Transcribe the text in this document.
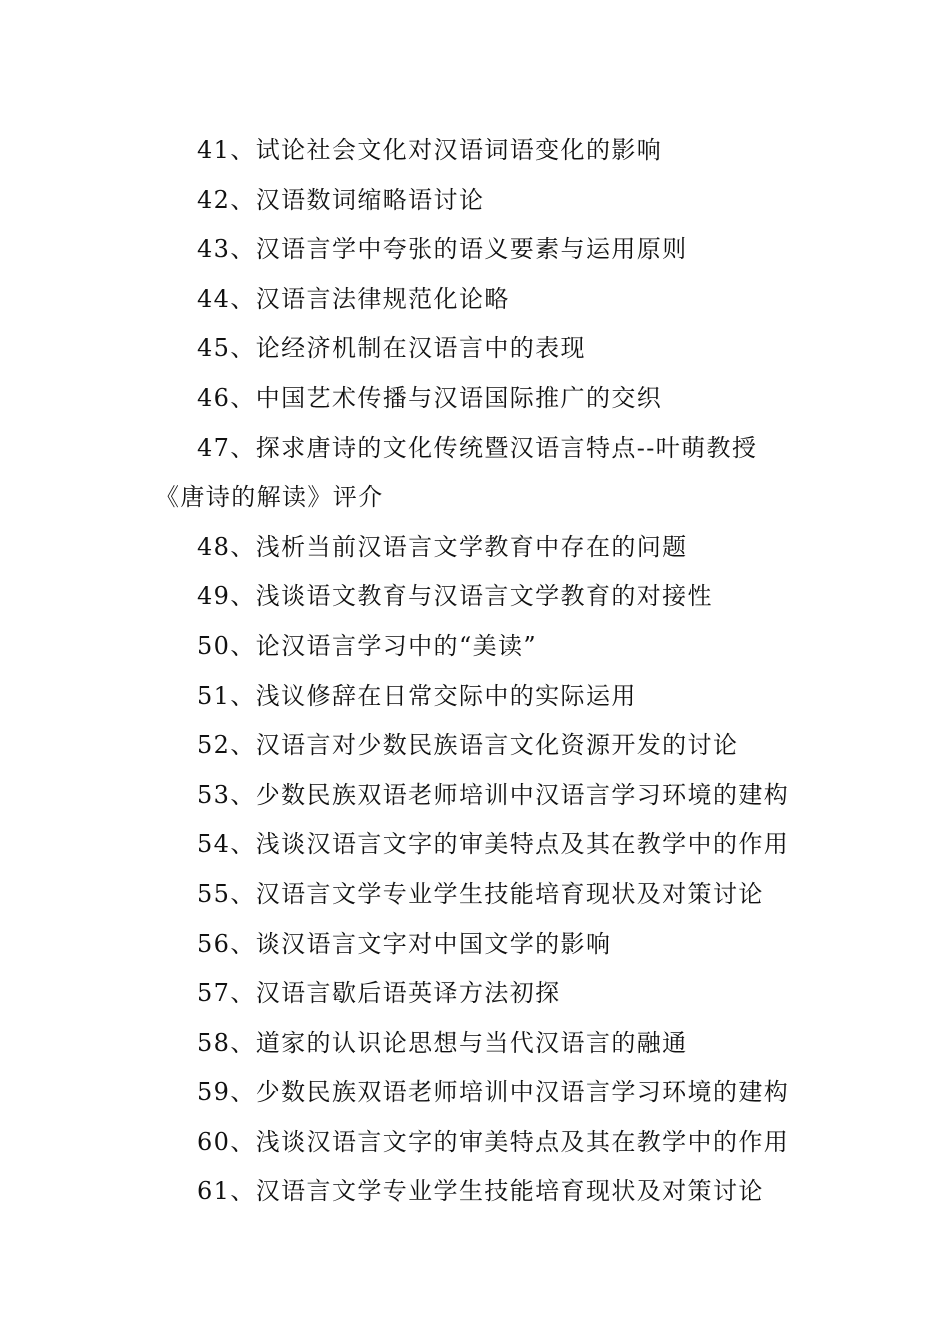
41、试论社会文化对汉语词语变化的影响

42、汉语数词缩略语讨论

43、汉语言学中夸张的语义要素与运用原则

44、汉语言法律规范化论略

45、论经济机制在汉语言中的表现

46、中国艺术传播与汉语国际推广的交织

47、探求唐诗的文化传统暨汉语言特点--叶萌教授《唐诗的解读》评介

48、浅析当前汉语言文学教育中存在的问题

49、浅谈语文教育与汉语言文学教育的对接性

50、论汉语言学习中的“美读”

51、浅议修辞在日常交际中的实际运用

52、汉语言对少数民族语言文化资源开发的讨论

53、少数民族双语老师培训中汉语言学习环境的建构

54、浅谈汉语言文字的审美特点及其在教学中的作用

55、汉语言文学专业学生技能培育现状及对策讨论

56、谈汉语言文字对中国文学的影响

57、汉语言歇后语英译方法初探

58、道家的认识论思想与当代汉语言的融通

59、少数民族双语老师培训中汉语言学习环境的建构

60、浅谈汉语言文字的审美特点及其在教学中的作用

61、汉语言文学专业学生技能培育现状及对策讨论
